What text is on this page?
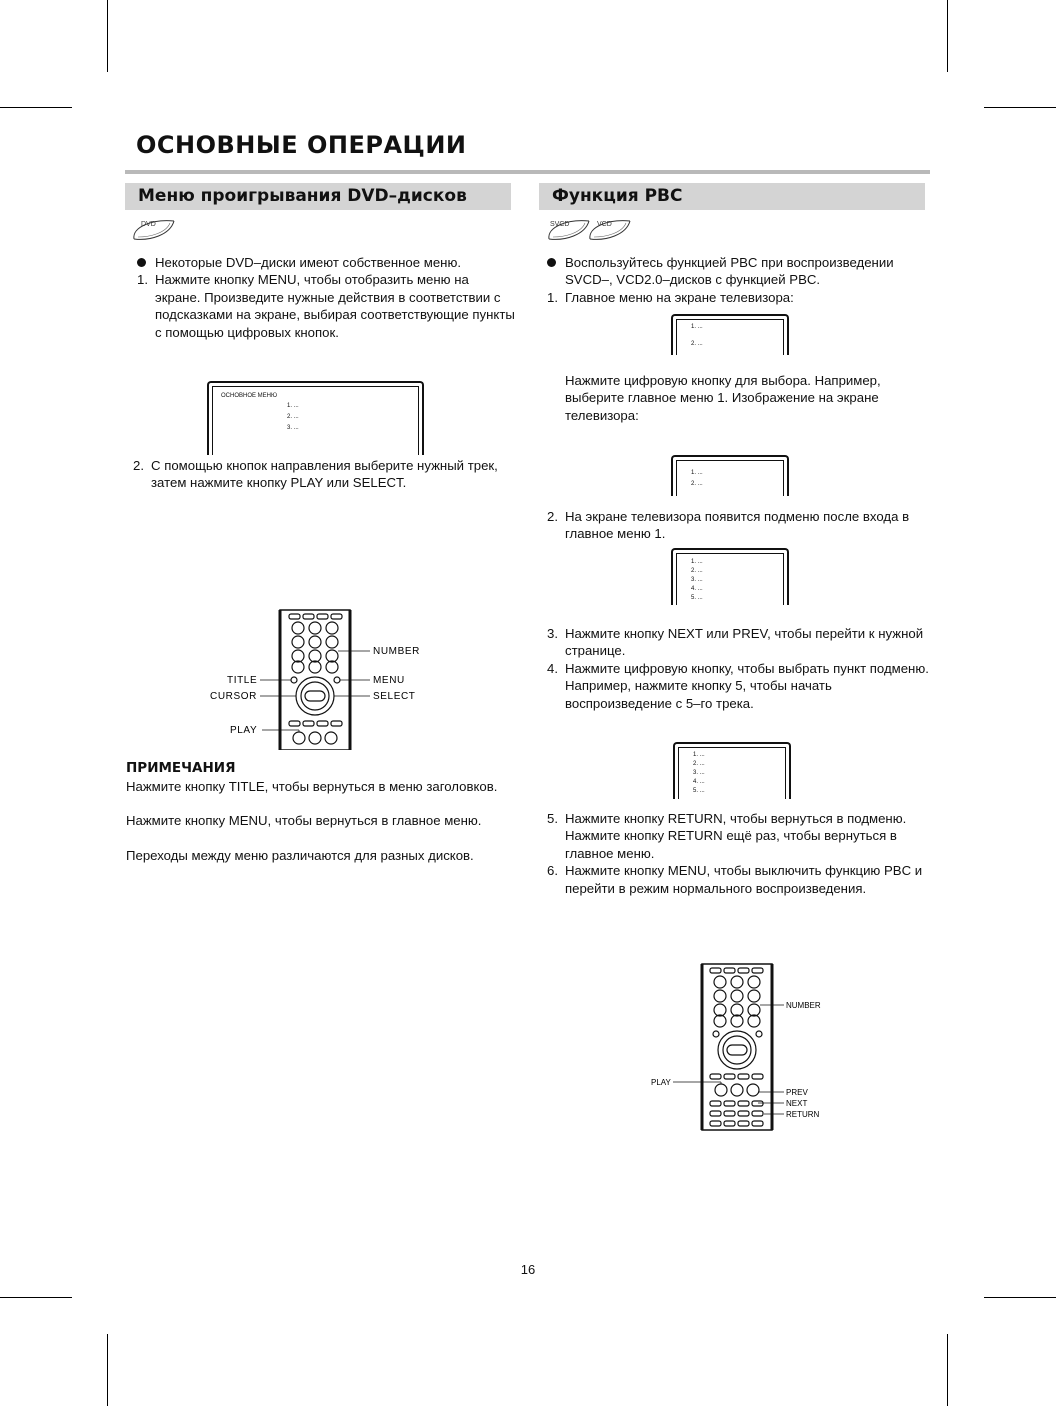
ОСНОВНЫЕ ОПЕРАЦИИ
Меню проигрывания DVD–дисков
DVD
Некоторые DVD–диски имеют собственное меню.
1. Нажмите кнопку MENU, чтобы отобразить меню на экране. Произведите нужные действия в соответствии с подсказками на экране, выбирая соответствующие пункты с помощью цифровых кнопок.
ОСНОВНОЕ МЕНЮ
1. ...
2. ...
3. ...
2. С помощью кнопок направления выберите нужный трек, затем нажмите кнопку PLAY или SELECT.
NUMBER
TITLE	MENU
CURSOR	SELECT
PLAY
ПРИМЕЧАНИЯ

Нажмите кнопку TITLE, чтобы вернуться в меню заголовков.

Нажмите кнопку MENU, чтобы вернуться в главное меню.

Переходы между меню различаются для разных дисков.

Функция PBC
SVCD	VCD
Воспользуйтесь функцией PBC при воспроизведении SVCD–, VCD2.0–дисков с функцией PBC.
1. Главное меню на экране телевизора:
1. ...
2. ...
Нажмите цифровую кнопку для выбора. Например, выберите главное меню 1. Изображение на экране телевизора:
1. ...
2. ...
2. На экране телевизора появится подменю после входа в главное меню 1.
1. ...
2. ...
3. ...
4. ...
5. ...
3. Нажмите кнопку NEXT или PREV, чтобы перейти к нужной странице.
4. Нажмите цифровую кнопку, чтобы выбрать пункт подменю. Например, нажмите кнопку 5, чтобы начать воспроизведение с 5–го трека.
1. ...
2. ...
3. ...
4. ...
5. ...
5. Нажмите кнопку RETURN, чтобы вернуться в подменю. Нажмите кнопку RETURN ещё раз, чтобы вернуться в главное меню.
6. Нажмите кнопку MENU, чтобы выключить функцию PBC и перейти в режим нормального воспроизведения.
NUMBER
PLAY
PREV
NEXT
RETURN
16
